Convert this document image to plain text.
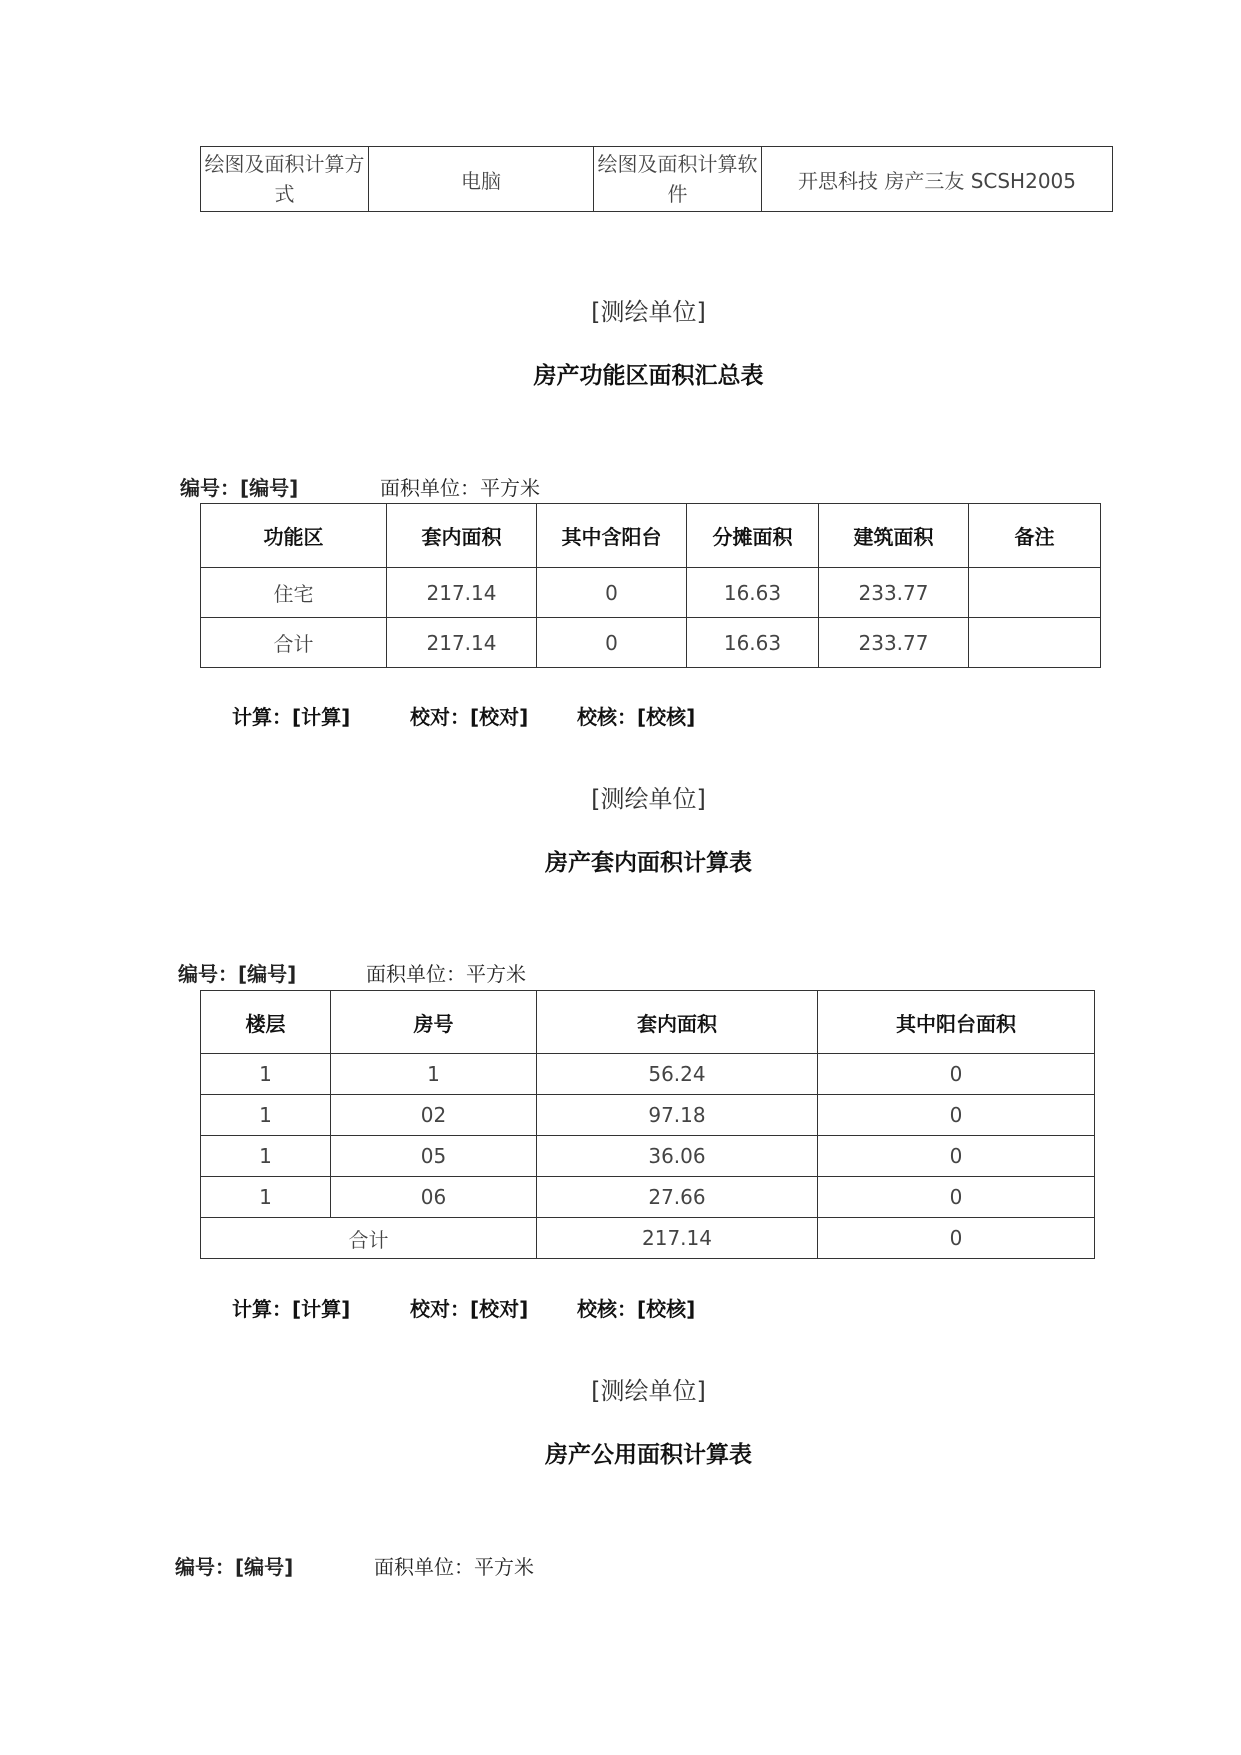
绘图及面积计算方式	电脑	绘图及面积计算软件	开思科技 房产三友 SCSH2005
[测绘单位]
房产功能区面积汇总表
编号：[编号]	面积单位：平方米
功能区	套内面积	其中含阳台	分摊面积	建筑面积	备注
住宅	217.14	0	16.63	233.77	
合计	217.14	0	16.63	233.77	
计算：[计算]	校对：[校对] 校核：[校核]
[测绘单位]
房产套内面积计算表
编号：[编号]	面积单位：平方米
楼层	房号	套内面积	其中阳台面积
1	1	56.24	0
1	02	97.18	0
1	05	36.06	0
1	06	27.66	0
合计		217.14	0
计算：[计算]	校对：[校对] 校核：[校核]
[测绘单位]
房产公用面积计算表
编号：[编号]	面积单位：平方米
